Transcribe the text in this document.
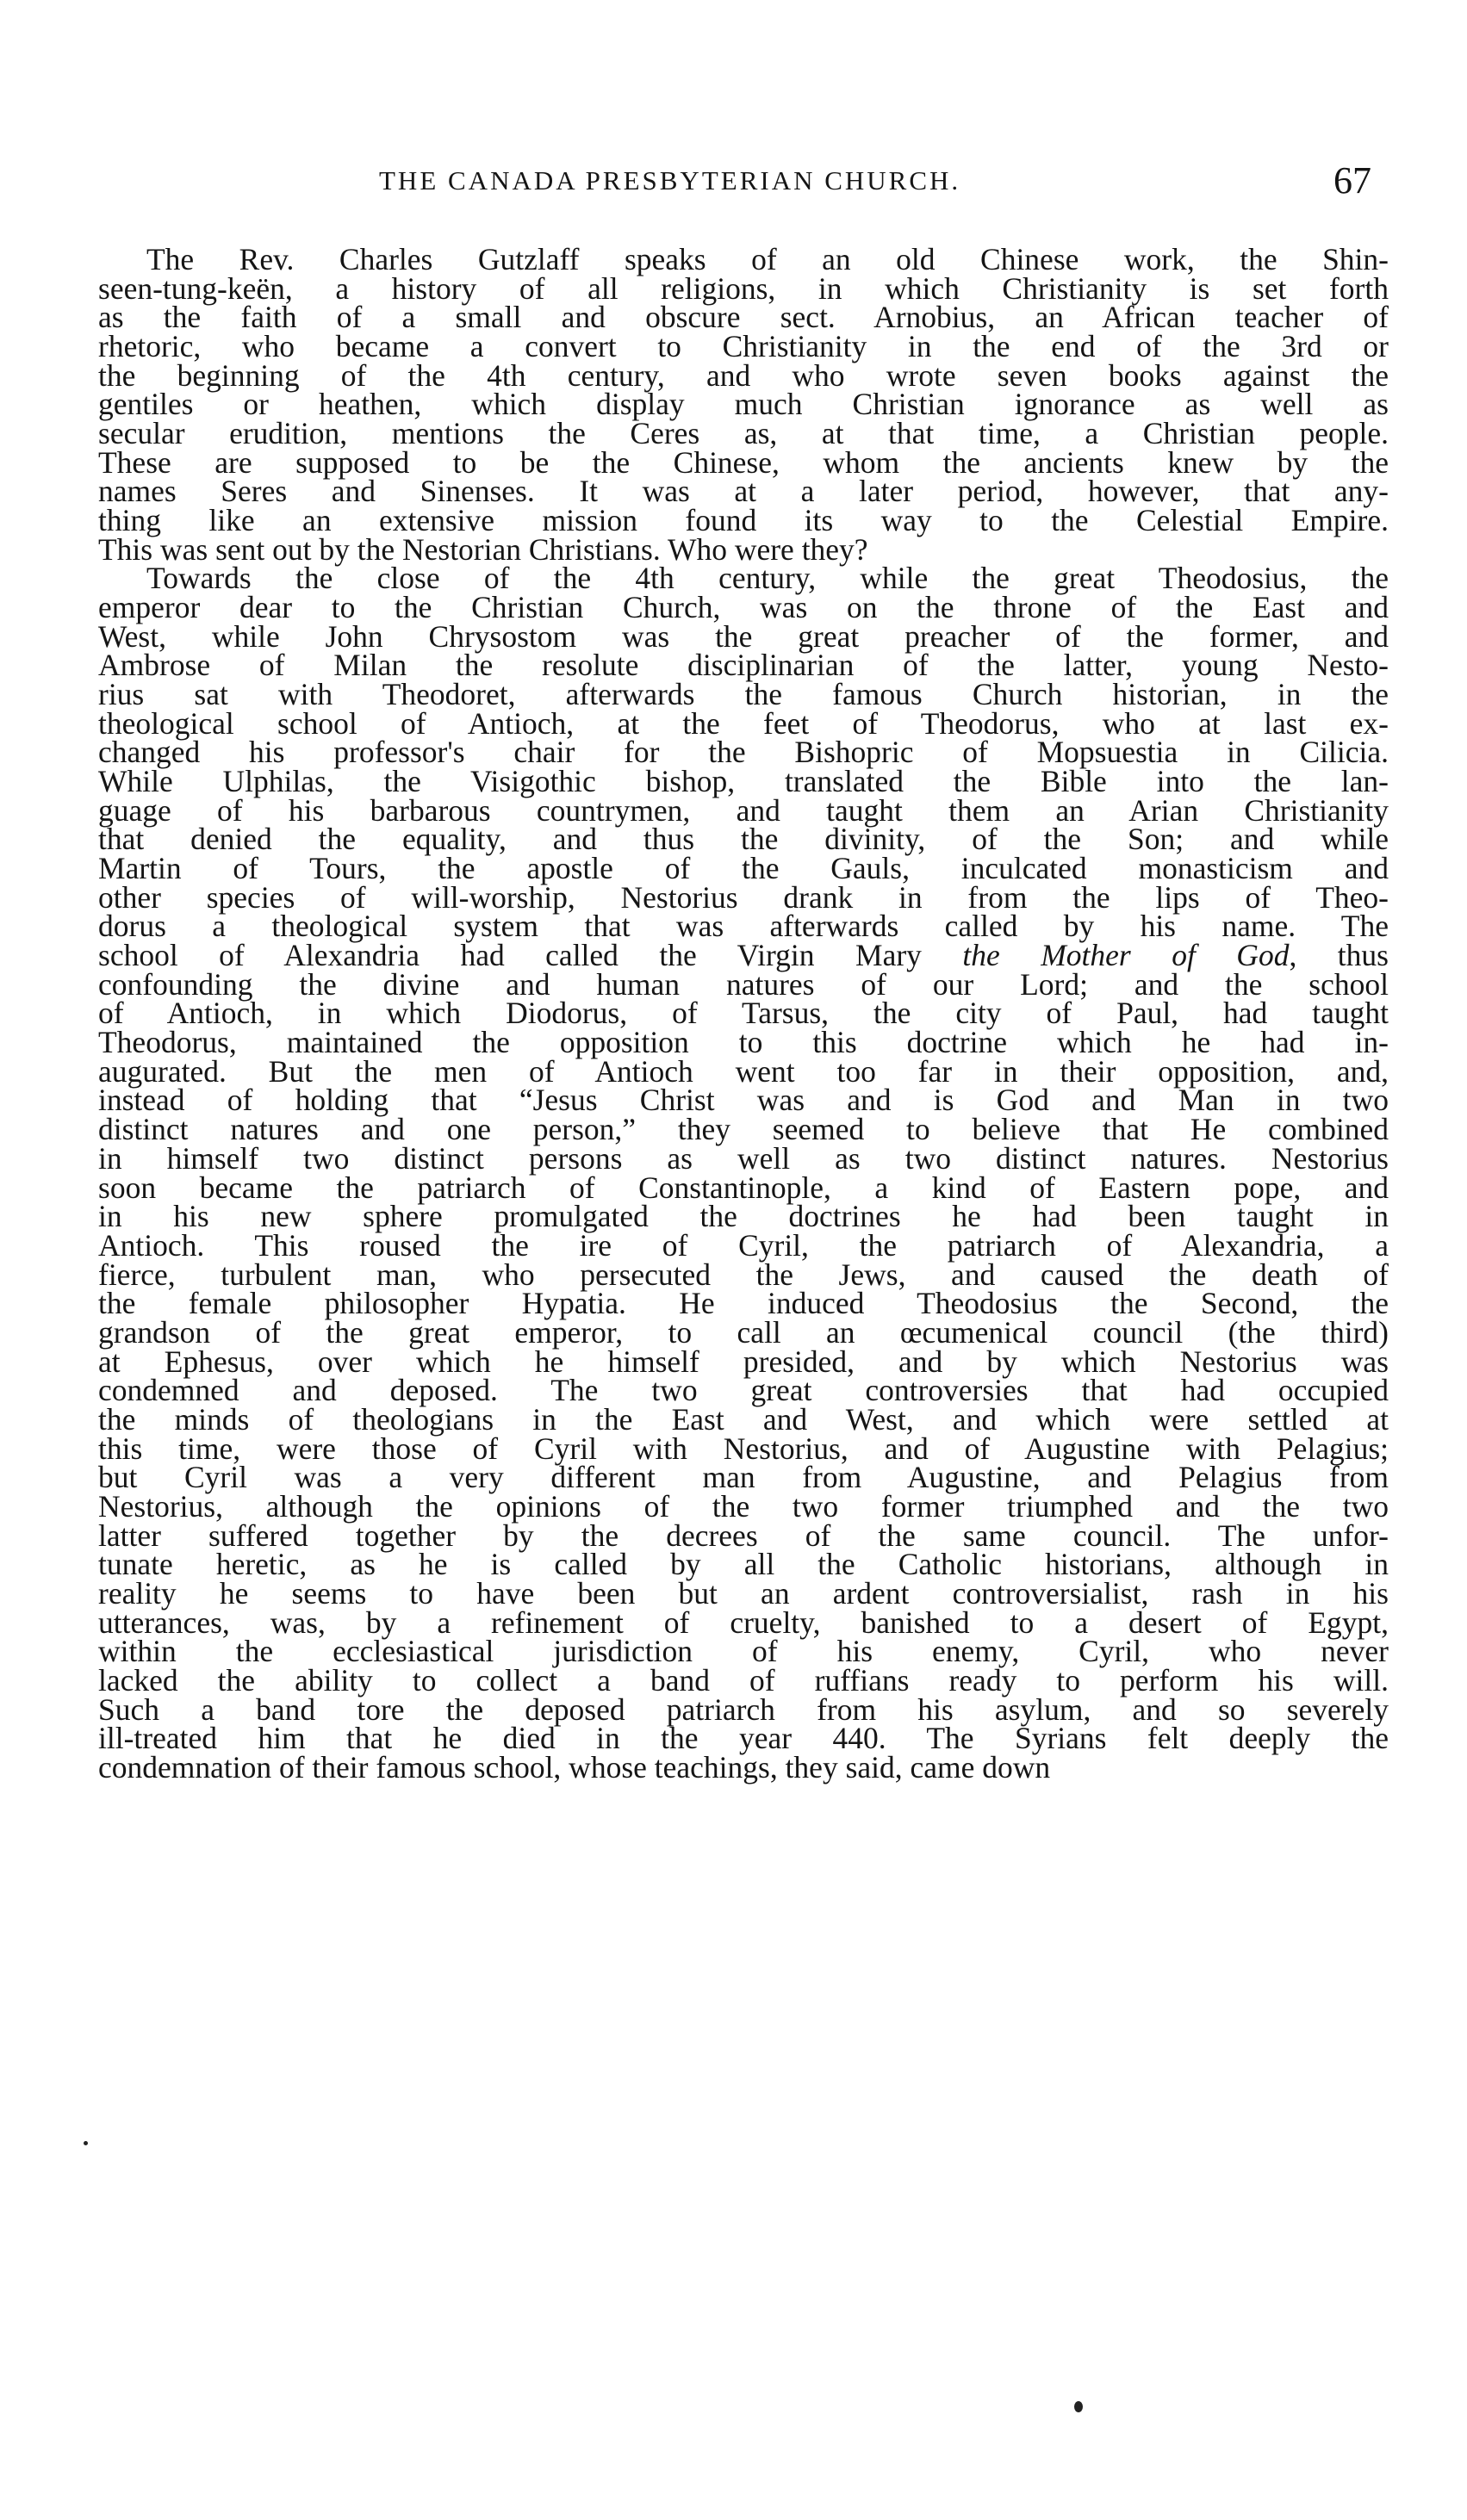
THE CANADA PRESBYTERIAN CHURCH.	67
The Rev. Charles Gutzlaff speaks of an old Chinese work, the Shin-
seen-tung-keën, a history of all religions, in which Christianity is set forth
as the faith of a small and obscure sect. Arnobius, an African teacher of
rhetoric, who became a convert to Christianity in the end of the 3rd or
the beginning of the 4th century, and who wrote seven books against the
gentiles or heathen, which display much Christian ignorance as well as
secular erudition, mentions the Ceres as, at that time, a Christian people.
These are supposed to be the Chinese, whom the ancients knew by the
names Seres and Sinenses. It was at a later period, however, that any-
thing like an extensive mission found its way to the Celestial Empire.
This was sent out by the Nestorian Christians. Who were they?
Towards the close of the 4th century, while the great Theodosius, the
emperor dear to the Christian Church, was on the throne of the East and
West, while John Chrysostom was the great preacher of the former, and
Ambrose of Milan the resolute disciplinarian of the latter, young Nesto-
rius sat with Theodoret, afterwards the famous Church historian, in the
theological school of Antioch, at the feet of Theodorus, who at last ex-
changed his professor's chair for the Bishopric of Mopsuestia in Cilicia.
While Ulphilas, the Visigothic bishop, translated the Bible into the lan-
guage of his barbarous countrymen, and taught them an Arian Christianity
that denied the equality, and thus the divinity, of the Son; and while
Martin of Tours, the apostle of the Gauls, inculcated monasticism and
other species of will-worship, Nestorius drank in from the lips of Theo-
dorus a theological system that was afterwards called by his name. The
school of Alexandria had called the Virgin Mary the Mother of God, thus
confounding the divine and human natures of our Lord; and the school
of Antioch, in which Diodorus, of Tarsus, the city of Paul, had taught
Theodorus, maintained the opposition to this doctrine which he had in-
augurated. But the men of Antioch went too far in their opposition, and,
instead of holding that “Jesus Christ was and is God and Man in two
distinct natures and one person,” they seemed to believe that He combined
in himself two distinct persons as well as two distinct natures. Nestorius
soon became the patriarch of Constantinople, a kind of Eastern pope, and
in his new sphere promulgated the doctrines he had been taught in
Antioch. This roused the ire of Cyril, the patriarch of Alexandria, a
fierce, turbulent man, who persecuted the Jews, and caused the death of
the female philosopher Hypatia. He induced Theodosius the Second, the
grandson of the great emperor, to call an œcumenical council (the third)
at Ephesus, over which he himself presided, and by which Nestorius was
condemned and deposed. The two great controversies that had occupied
the minds of theologians in the East and West, and which were settled at
this time, were those of Cyril with Nestorius, and of Augustine with Pelagius;
but Cyril was a very different man from Augustine, and Pelagius from
Nestorius, although the opinions of the two former triumphed and the two
latter suffered together by the decrees of the same council. The unfor-
tunate heretic, as he is called by all the Catholic historians, although in
reality he seems to have been but an ardent controversialist, rash in his
utterances, was, by a refinement of cruelty, banished to a desert of Egypt,
within the ecclesiastical jurisdiction of his enemy, Cyril, who never
lacked the ability to collect a band of ruffians ready to perform his will.
Such a band tore the deposed patriarch from his asylum, and so severely
ill-treated him that he died in the year 440. The Syrians felt deeply the
condemnation of their famous school, whose teachings, they said, came down
